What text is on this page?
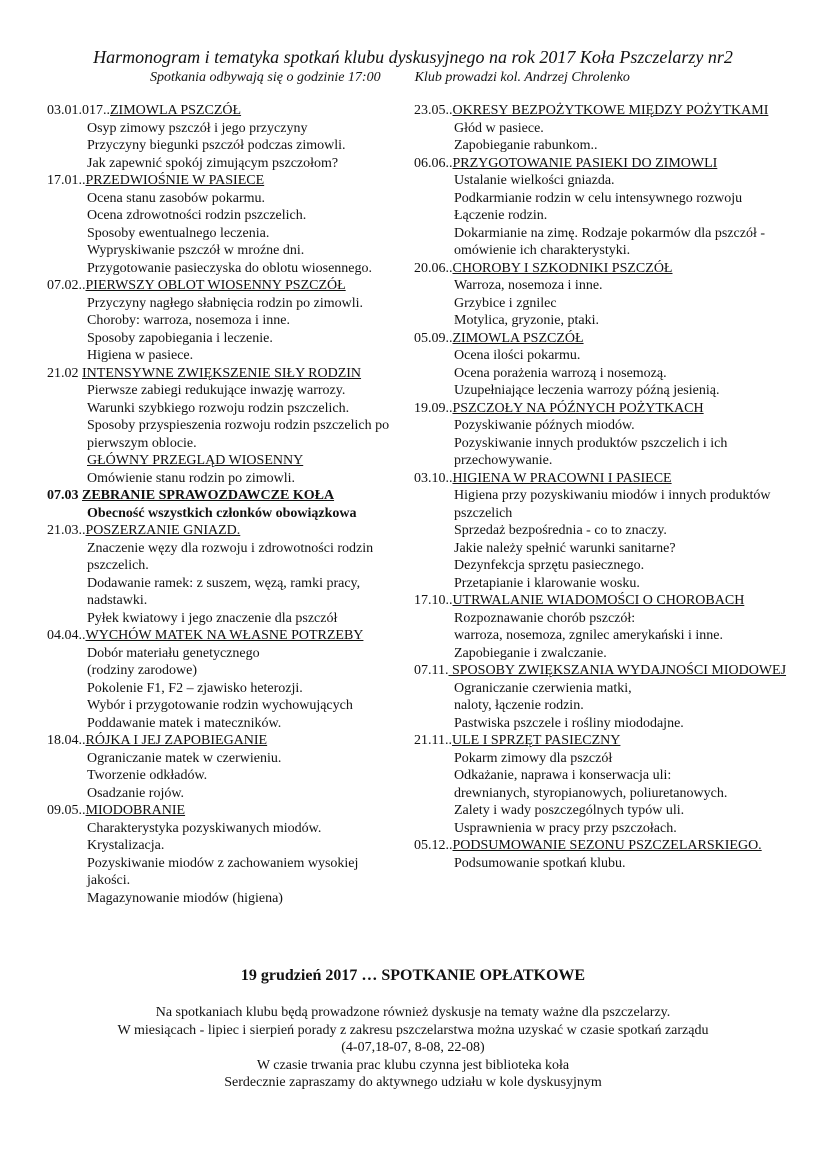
Harmonogram i tematyka spotkań klubu dyskusyjnego na rok 2017 Koła Pszczelarzy nr2
Spotkania odbywają się o godzinie 17:00 Klub prowadzi kol. Andrzej Chrolenko
03.01.017..ZIMOWLA PSZCZÓŁ
Osyp zimowy pszczół i jego przyczyny
Przyczyny biegunki pszczół podczas zimowli.
Jak zapewnić spokój zimującym pszczołom?
17.01..PRZEDWIOŚNIE W PASIECE
Ocena stanu zasobów pokarmu.
Ocena zdrowotności rodzin pszczelich.
Sposoby ewentualnego leczenia.
Wypryskiwanie pszczół w mroźne dni.
Przygotowanie pasieczyska do oblotu wiosennego.
07.02..PIERWSZY OBLOT WIOSENNY PSZCZÓŁ
Przyczyny nagłego słabnięcia rodzin po zimowli.
Choroby: warroza, nosemoza i inne.
Sposoby zapobiegania i leczenie.
Higiena w pasiece.
21.02 INTENSYWNE ZWIĘKSZENIE SIŁY RODZIN
Pierwsze zabiegi redukujące inwazję warrozy.
Warunki szybkiego rozwoju rodzin pszczelich.
Sposoby przyspieszenia rozwoju rodzin pszczelich po pierwszym oblocie.
GŁÓWNY PRZEGLĄD WIOSENNY
Omówienie stanu rodzin po zimowli.
07.03 ZEBRANIE SPRAWOZDAWCZE KOŁA
Obecność wszystkich członków obowiązkowa
21.03..POSZERZANIE GNIAZD.
Znaczenie węzy dla rozwoju i zdrowotności rodzin pszczelich.
Dodawanie ramek: z suszem, węzą, ramki pracy, nadstawki.
Pyłek kwiatowy i jego znaczenie dla pszczół
04.04..WYCHÓW MATEK NA WŁASNE POTRZEBY
Dobór materiału genetycznego
(rodziny zarodowe)
Pokolenie F1, F2 – zjawisko heterozji.
Wybór i przygotowanie rodzin wychowujących
Poddawanie matek i mateczników.
18.04..RÓJKA I JEJ ZAPOBIEGANIE
Ograniczanie matek w czerwieniu.
Tworzenie odkładów.
Osadzanie rojów.
09.05..MIODOBRANIE
Charakterystyka pozyskiwanych miodów.
Krystalizacja.
Pozyskiwanie miodów z zachowaniem wysokiej jakości.
Magazynowanie miodów (higiena)
23.05..OKRESY BEZPOŻYTKOWE MIĘDZY POŻYTKAMI
Głód w pasiece.
Zapobieganie rabunkom..
06.06..PRZYGOTOWANIE PASIEKI DO ZIMOWLI
Ustalanie wielkości gniazda.
Podkarmianie rodzin w celu intensywnego rozwoju
Łączenie rodzin.
Dokarmianie na zimę. Rodzaje pokarmów dla pszczół - omówienie ich charakterystyki.
20.06..CHOROBY I SZKODNIKI PSZCZÓŁ
Warroza, nosemoza i inne.
Grzybice i zgnilec
Motylica, gryzonie, ptaki.
05.09..ZIMOWLA PSZCZÓŁ
Ocena ilości pokarmu.
Ocena porażenia warrozą i nosemozą.
Uzupełniające leczenia warrozy późną jesienią.
19.09..PSZCZOŁY NA PÓŹNYCH POŻYTKACH
Pozyskiwanie późnych miodów.
Pozyskiwanie innych produktów pszczelich i ich przechowywanie.
03.10..HIGIENA W PRACOWNI I PASIECE
Higiena przy pozyskiwaniu miodów i innych produktów pszczelich
Sprzedaż bezpośrednia - co to znaczy.
Jakie należy spełnić warunki sanitarne?
Dezynfekcja sprzętu pasiecznego.
Przetapianie i klarowanie wosku.
17.10..UTRWALANIE WIADOMOŚCI O CHOROBACH
Rozpoznawanie chorób pszczół:
warroza, nosemoza, zgnilec amerykański i inne.
Zapobieganie i zwalczanie.
07.11. SPOSOBY ZWIĘKSZANIA WYDAJNOŚCI MIODOWEJ
Ograniczanie czerwienia matki,
naloty, łączenie rodzin.
Pastwiska pszczele i rośliny miododajne.
21.11..ULE I SPRZĘT PASIECZNY
Pokarm zimowy dla pszczół
Odkażanie, naprawa i konserwacja uli:
drewnianych, styropianowych, poliuretanowych.
Zalety i wady poszczególnych typów uli.
Usprawnienia w pracy przy pszczołach.
05.12..PODSUMOWANIE SEZONU PSZCZELARSKIEGO.
Podsumowanie spotkań klubu.
19 grudzień 2017 … SPOTKANIE OPŁATKOWE
Na spotkaniach klubu będą prowadzone również dyskusje na tematy ważne dla pszczelarzy.
W miesiącach - lipiec i sierpień porady z zakresu pszczelarstwa można uzyskać w czasie spotkań zarządu
(4-07,18-07, 8-08, 22-08)
W czasie trwania prac klubu czynna jest biblioteka koła
Serdecznie zapraszamy do aktywnego udziału w kole dyskusyjnym
